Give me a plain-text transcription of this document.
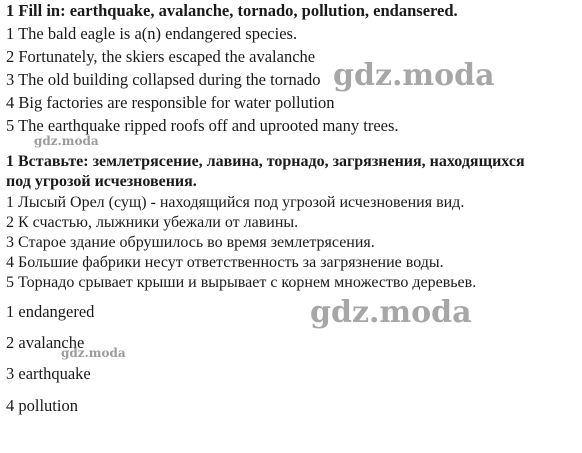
1 Fill in: earthquake, avalanche, tornado, pollution, endansered.
1 The bald eagle is a(n) endangered species.
2 Fortunately, the skiers escaped the avalanche
3 The old building collapsed during the tornado
4 Big factories are responsible for water pollution
5 The earthquake ripped roofs off and uprooted many trees.
1 Вставьте: землетрясение, лавина, торнадо, загрязнения, находящихся
под угрозой исчезновения.
1 Лысый Орел (сущ) - находящийся под угрозой исчезновения вид.
2 К счастью, лыжники убежали от лавины.
3 Старое здание обрушилось во время землетрясения.
4 Большие фабрики несут ответственность за загрязнение воды.
5 Торнадо срывает крыши и вырывает с корнем множество деревьев.
1 endangered
2 avalanche
3 earthquake
4 pollution
gdz.moda
gdz.moda
gdz.moda
gdz.moda
